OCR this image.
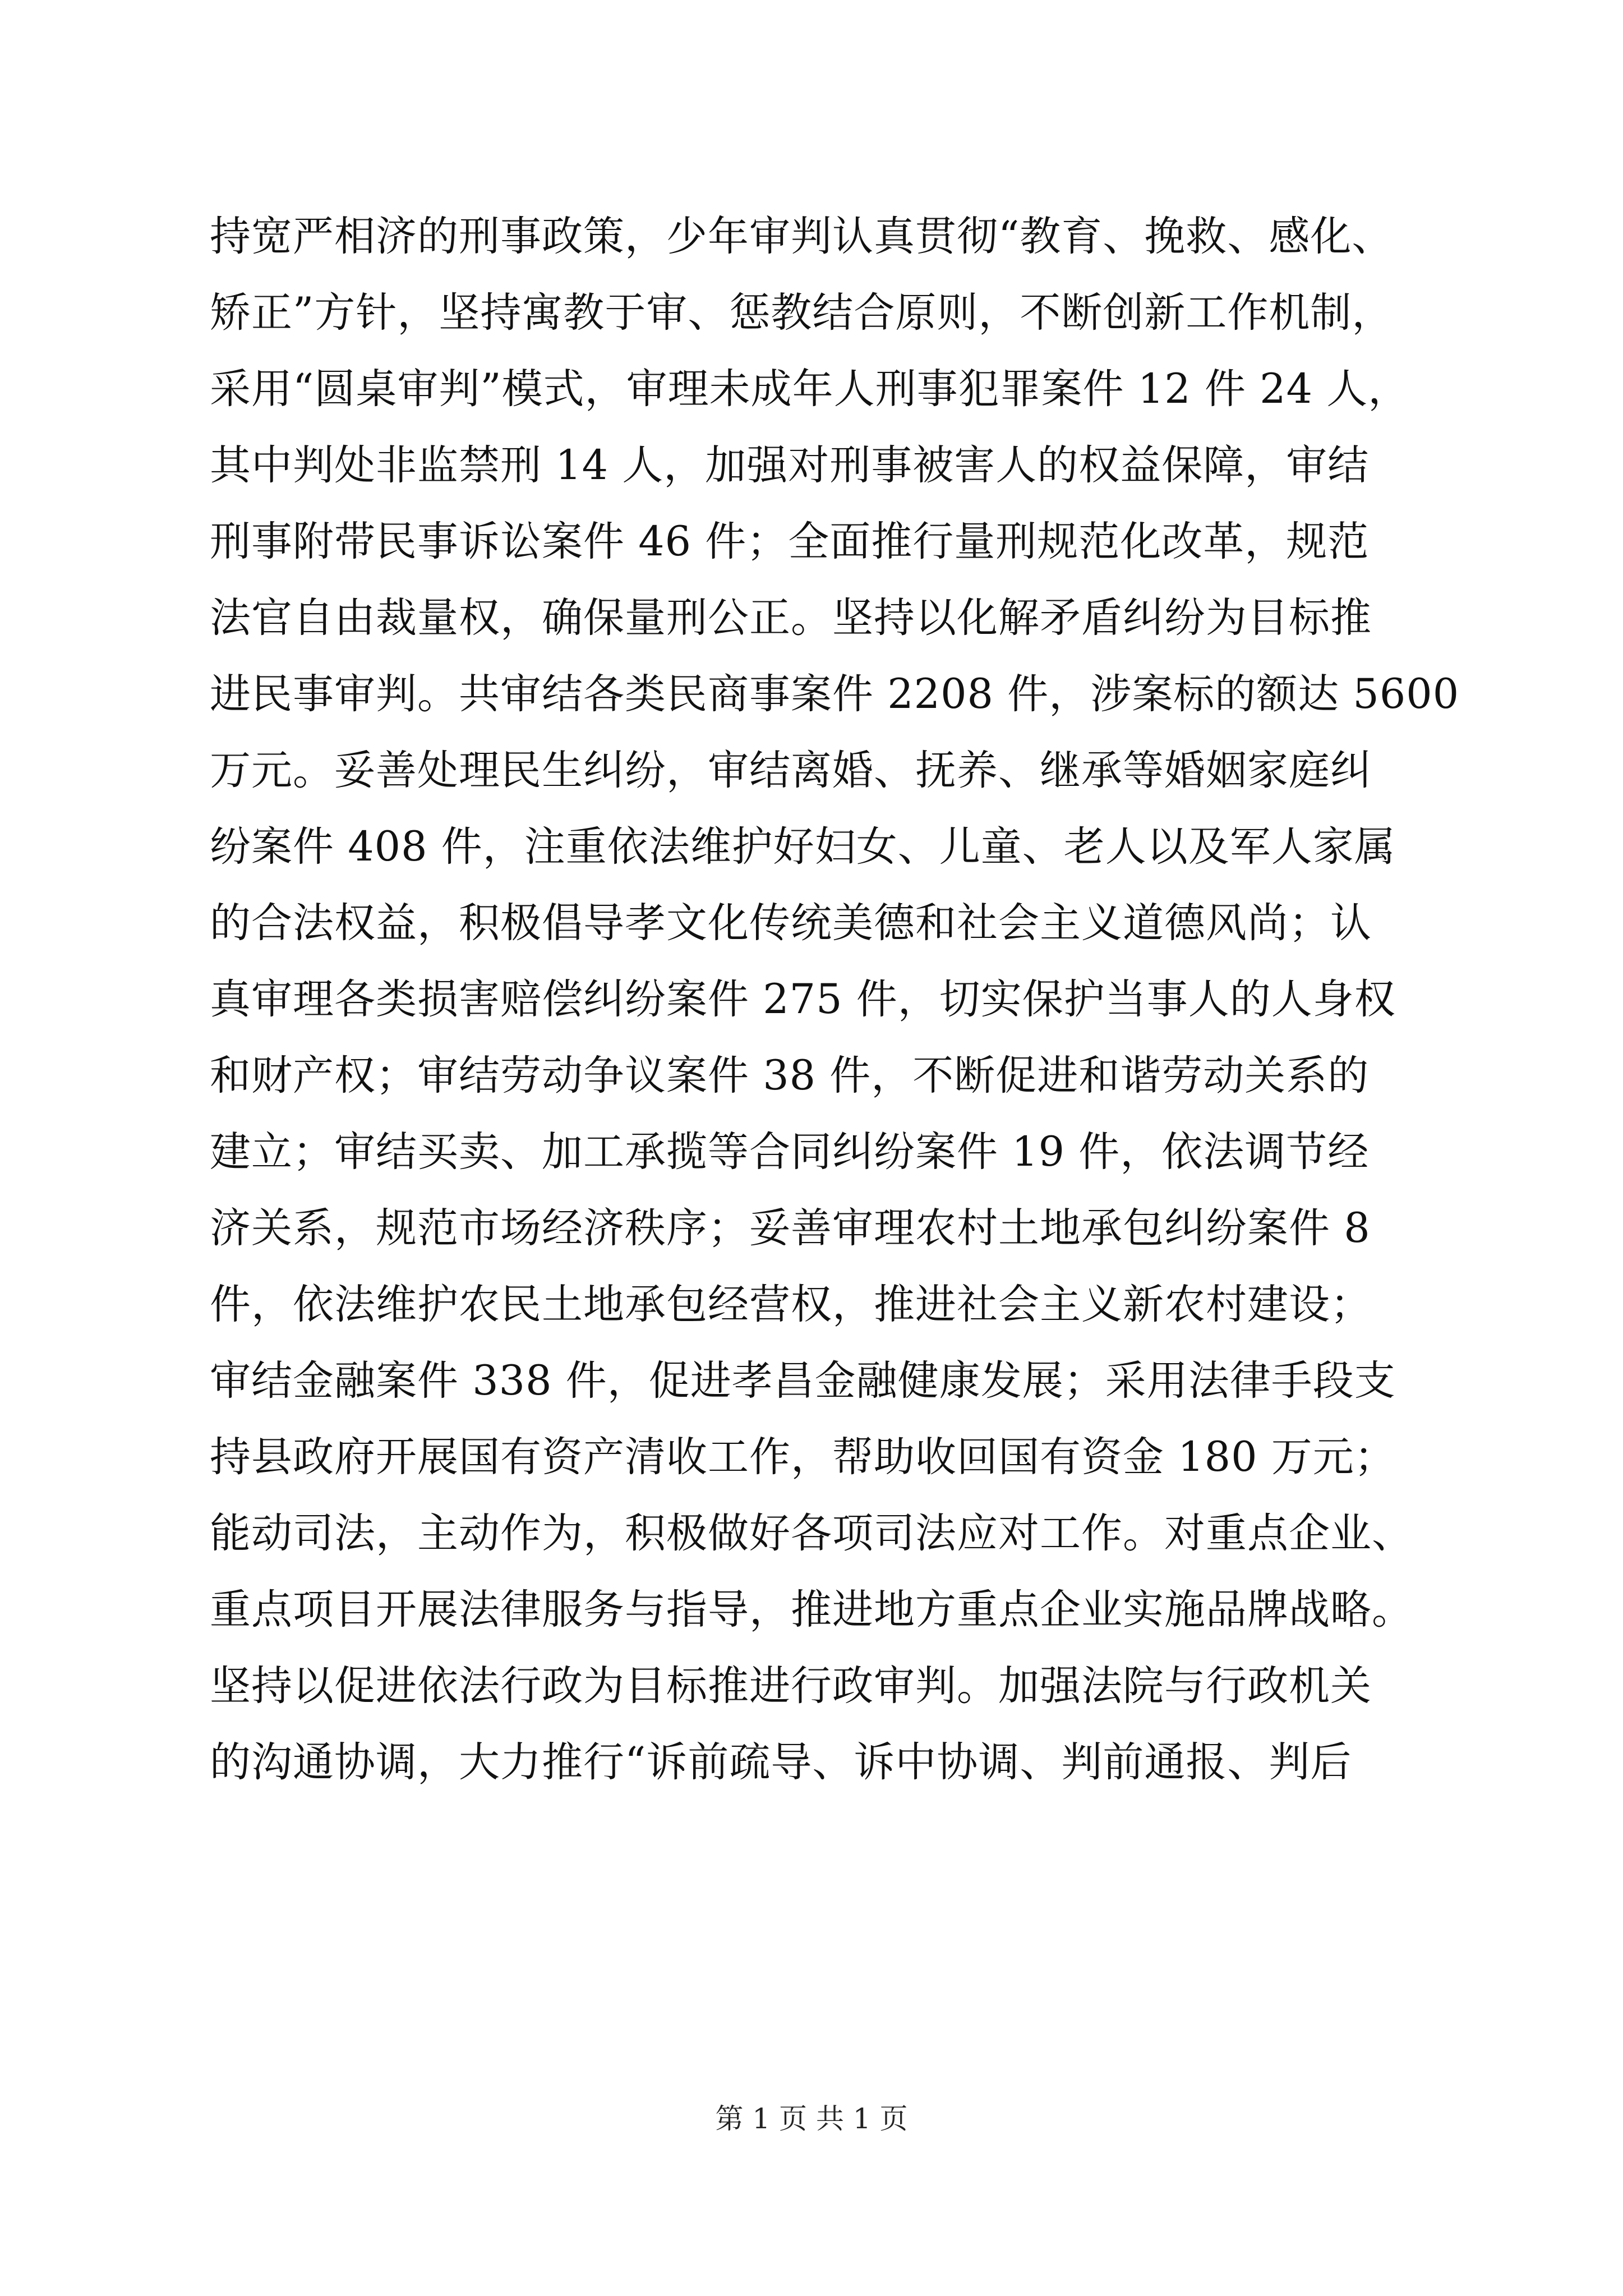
持宽严相济的刑事政策，少年审判认真贯彻“教育、挽救、感化、
矫正”方针，坚持寓教于审、惩教结合原则，不断创新工作机制，
采用“圆桌审判”模式，审理未成年人刑事犯罪案件 12 件 24 人，
其中判处非监禁刑 14 人，加强对刑事被害人的权益保障，审结
刑事附带民事诉讼案件 46 件；全面推行量刑规范化改革，规范
法官自由裁量权，确保量刑公正。坚持以化解矛盾纠纷为目标推
进民事审判。共审结各类民商事案件 2208 件，涉案标的额达 5600
万元。妥善处理民生纠纷，审结离婚、抚养、继承等婚姻家庭纠
纷案件 408 件，注重依法维护好妇女、儿童、老人以及军人家属
的合法权益，积极倡导孝文化传统美德和社会主义道德风尚；认
真审理各类损害赔偿纠纷案件 275 件，切实保护当事人的人身权
和财产权；审结劳动争议案件 38 件，不断促进和谐劳动关系的
建立；审结买卖、加工承揽等合同纠纷案件 19 件，依法调节经
济关系，规范市场经济秩序；妥善审理农村土地承包纠纷案件 8
件，依法维护农民土地承包经营权，推进社会主义新农村建设；
审结金融案件 338 件，促进孝昌金融健康发展；采用法律手段支
持县政府开展国有资产清收工作，帮助收回国有资金 180 万元；
能动司法，主动作为，积极做好各项司法应对工作。对重点企业、
重点项目开展法律服务与指导，推进地方重点企业实施品牌战略。
坚持以促进依法行政为目标推进行政审判。加强法院与行政机关
的沟通协调，大力推行“诉前疏导、诉中协调、判前通报、判后
第 1 页 共 1 页
